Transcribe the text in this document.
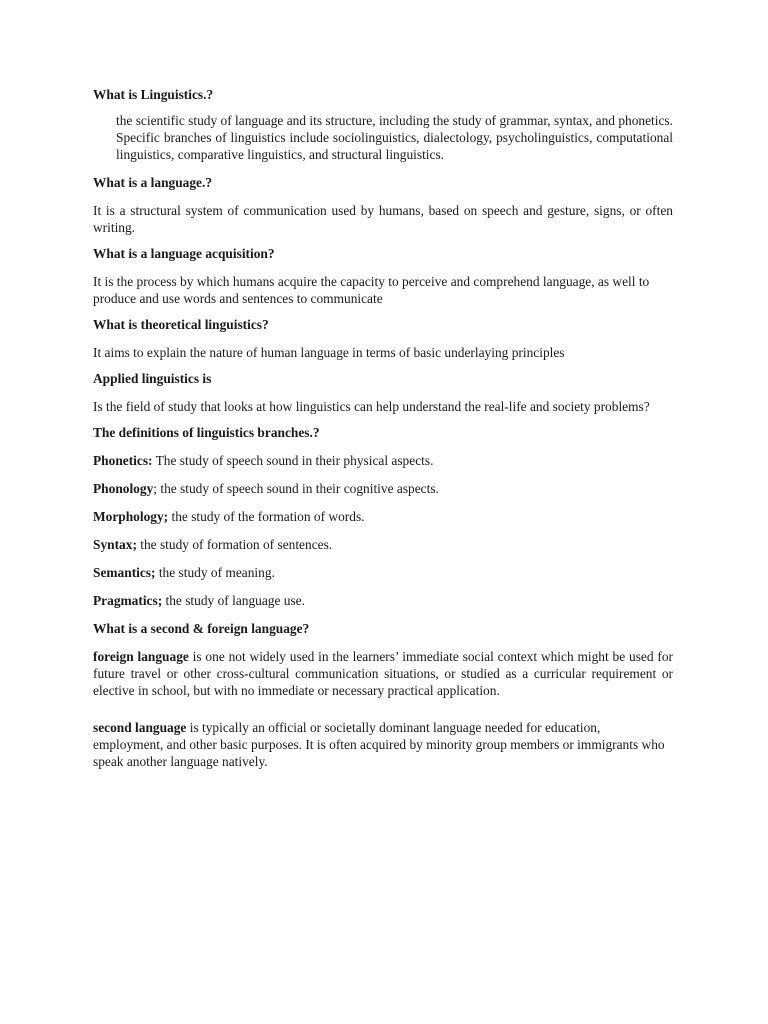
What is Linguistics.?

the scientific study of language and its structure, including the study of grammar, syntax, and phonetics. Specific branches of linguistics include sociolinguistics, dialectology, psycholinguistics, computational linguistics, comparative linguistics, and structural linguistics.

What is a language.?

It is a structural system of communication used by humans, based on speech and gesture, signs, or often writing.

What is a language acquisition?

It is the process by which humans acquire the capacity to perceive and comprehend language, as well to produce and use words and sentences to communicate

What is theoretical linguistics?

It aims to explain the nature of human language in terms of basic underlaying principles

Applied linguistics is

Is the field of study that looks at how linguistics can help understand the real-life and society problems?

The definitions of linguistics branches.?

Phonetics: The study of speech sound in their physical aspects.

Phonology; the study of speech sound in their cognitive aspects.

Morphology; the study of the formation of words.

Syntax; the study of formation of sentences.

Semantics; the study of meaning.

Pragmatics; the study of language use.

What is a second & foreign language?

foreign language is one not widely used in the learners’ immediate social context which might be used for future travel or other cross-cultural communication situations, or studied as a curricular requirement or elective in school, but with no immediate or necessary practical application.

second language is typically an official or societally dominant language needed for education, employment, and other basic purposes. It is often acquired by minority group members or immigrants who speak another language natively.
